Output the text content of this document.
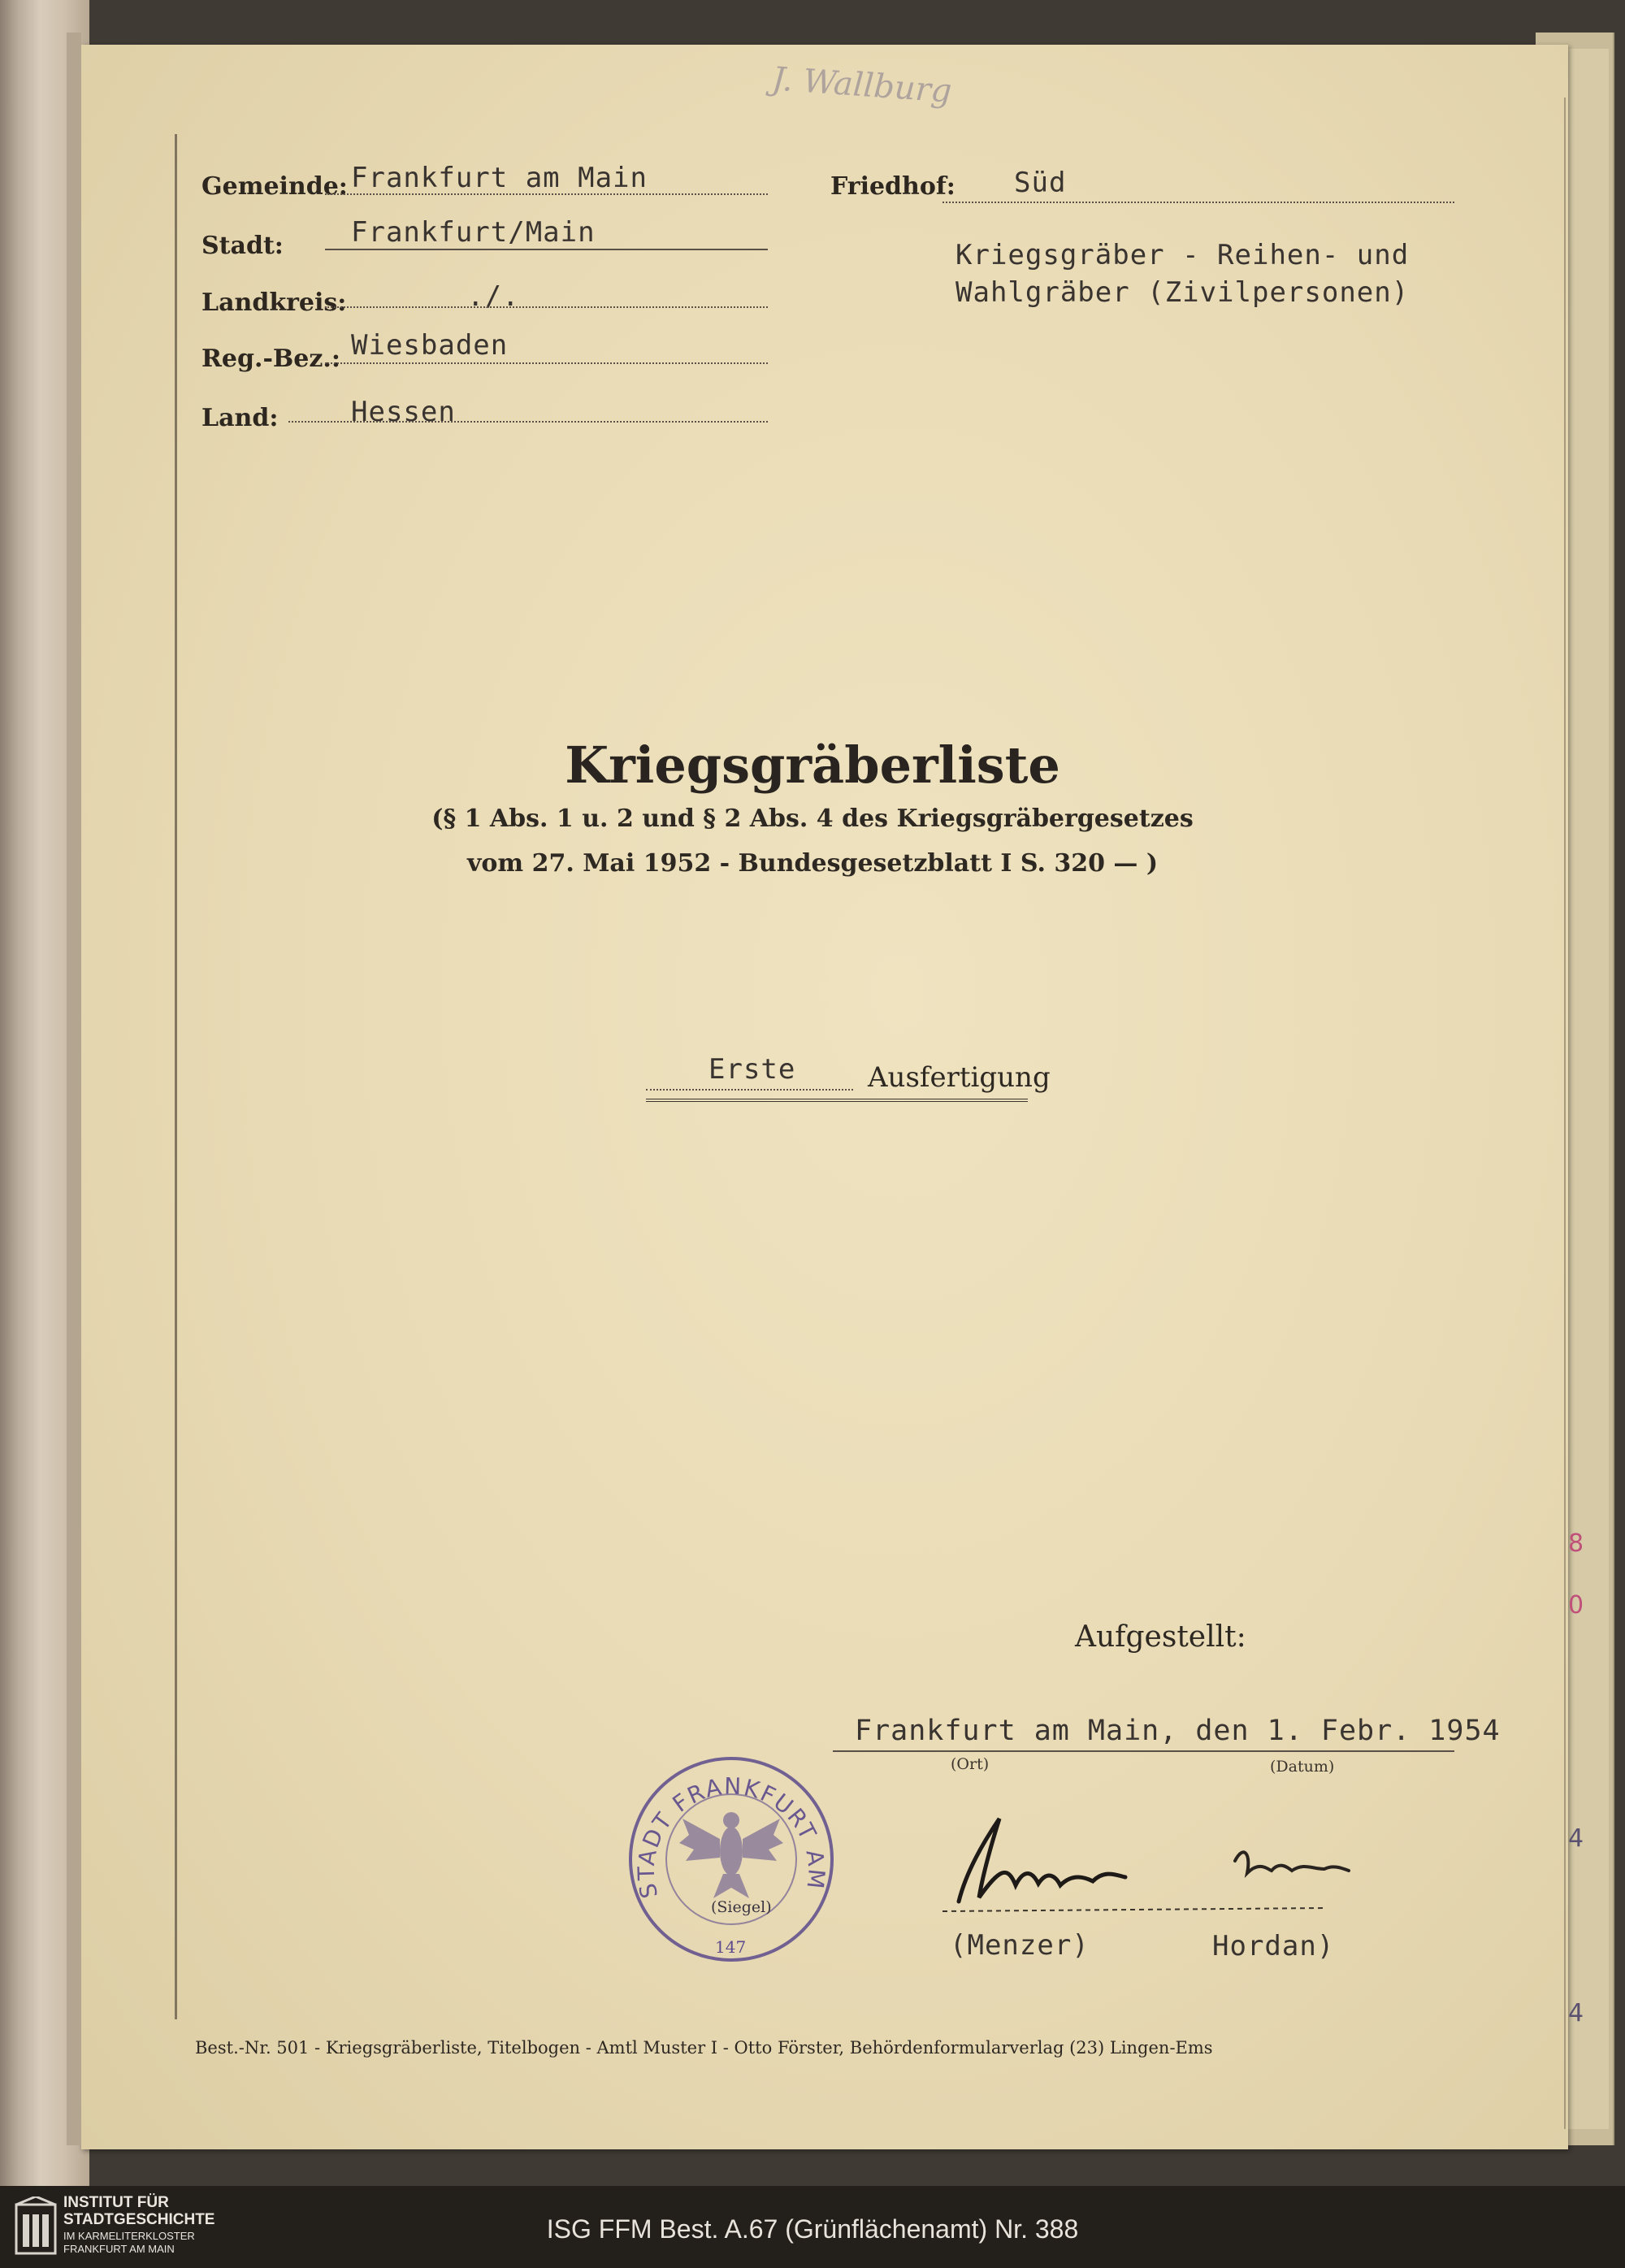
J. Wallburg
Gemeinde: Frankfurt am Main
Stadt: Frankfurt/Main
Landkreis:	./.
Reg.-Bez.: Wiesbaden
Land:	Hessen
Friedhof: Süd
Kriegsgräber - Reihen- und
Wahlgräber (Zivilpersonen)
Kriegsgräberliste
(§ 1 Abs. 1 u. 2 und § 2 Abs. 4 des Kriegsgräbergesetzes
vom 27. Mai 1952 - Bundesgesetzblatt I S. 320 — )
Erste	Ausfertigung
Aufgestellt:
Frankfurt am Main, den 1. Febr. 1954
(Ort)	(Datum)
STADT FRANKFURT AM
(Siegel)
147	(Menzer)	Hordan)
8
0
4
4
Best.-Nr. 501 - Kriegsgräberliste, Titelbogen - Amtl Muster I - Otto Förster, Behördenformularverlag (23) Lingen-Ems
INSTITUT FÜR
STADTGESCHICHTE
IM KARMELITERKLOSTER
FRANKFURT AM MAIN
ISG FFM Best. A.67 (Grünflächenamt) Nr. 388
